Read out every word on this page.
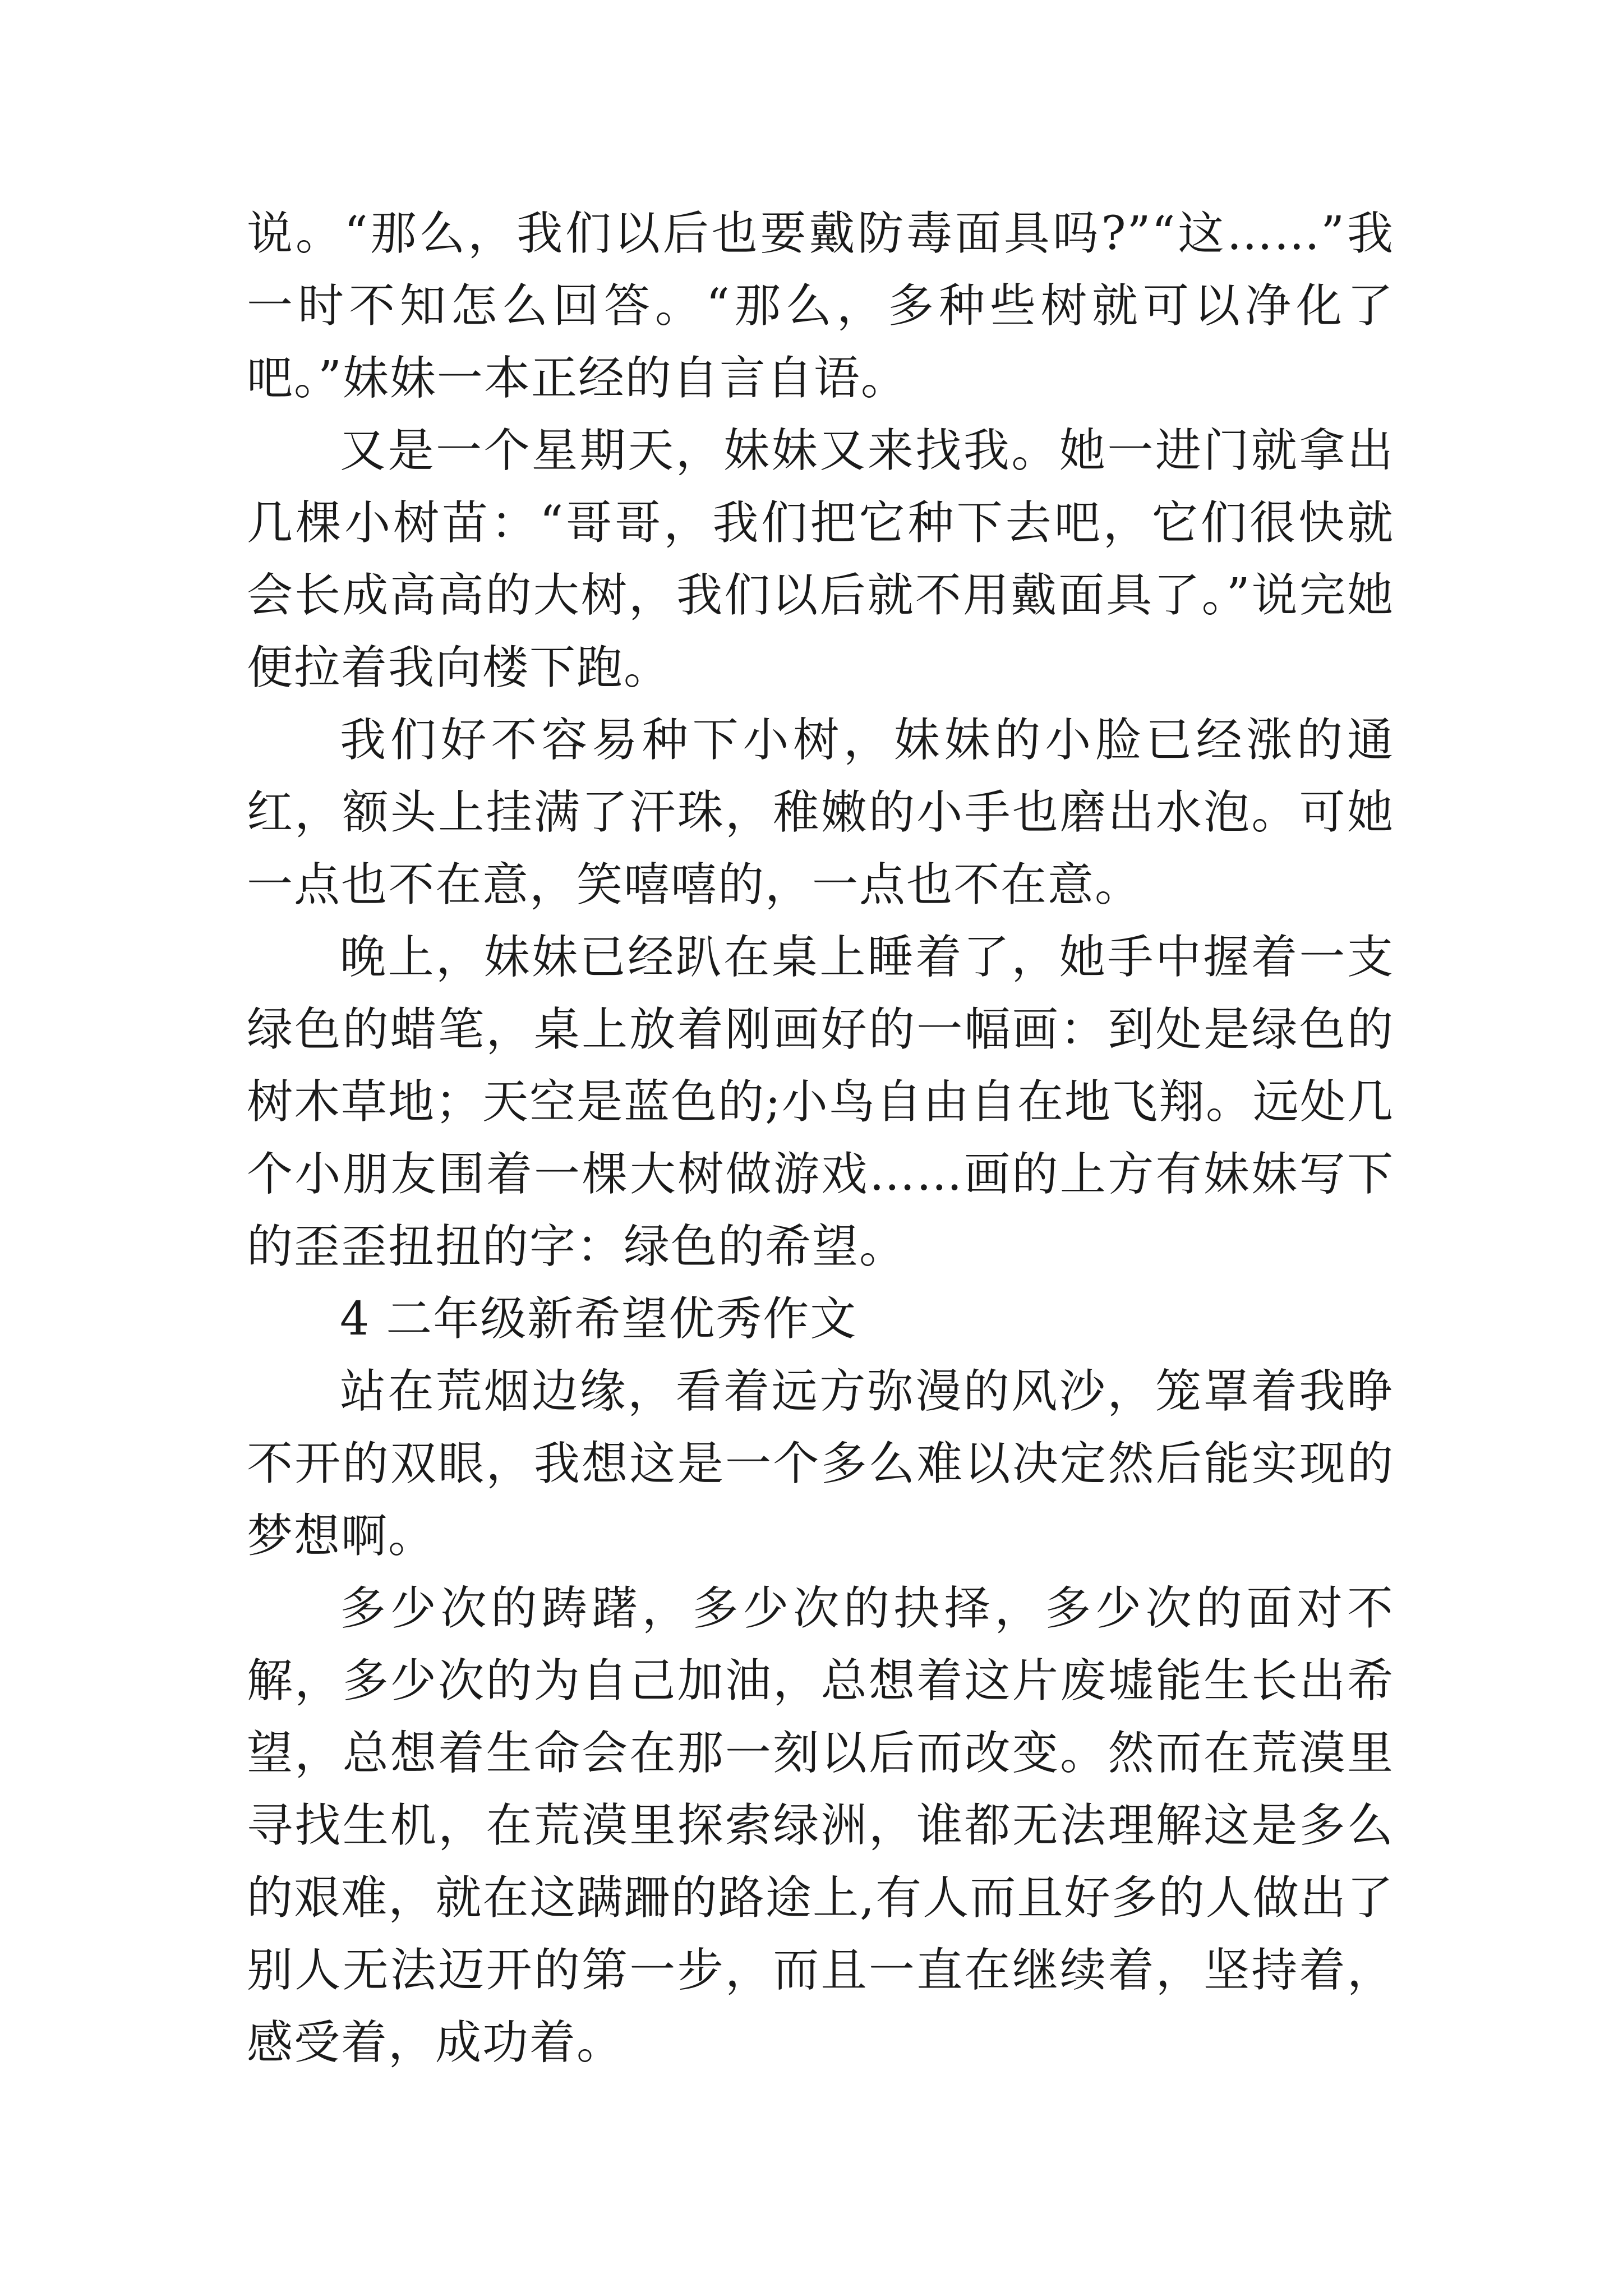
说。“那么，我们以后也要戴防毒面具吗?”“这……”我一时不知怎么回答。“那么，多种些树就可以净化了吧。”妹妹一本正经的自言自语。

又是一个星期天，妹妹又来找我。她一进门就拿出几棵小树苗：“哥哥，我们把它种下去吧，它们很快就会长成高高的大树，我们以后就不用戴面具了。”说完她便拉着我向楼下跑。

我们好不容易种下小树，妹妹的小脸已经涨的通红，额头上挂满了汗珠，稚嫩的小手也磨出水泡。可她一点也不在意，笑嘻嘻的，一点也不在意。

晚上，妹妹已经趴在桌上睡着了，她手中握着一支绿色的蜡笔，桌上放着刚画好的一幅画：到处是绿色的树木草地；天空是蓝色的;小鸟自由自在地飞翔。远处几个小朋友围着一棵大树做游戏……画的上方有妹妹写下的歪歪扭扭的字：绿色的希望。

4 二年级新希望优秀作文

站在荒烟边缘，看着远方弥漫的风沙，笼罩着我睁不开的双眼，我想这是一个多么难以决定然后能实现的梦想啊。

多少次的踌躇，多少次的抉择，多少次的面对不解，多少次的为自己加油，总想着这片废墟能生长出希望，总想着生命会在那一刻以后而改变。然而在荒漠里寻找生机，在荒漠里探索绿洲，谁都无法理解这是多么的艰难，就在这蹒跚的路途上,有人而且好多的人做出了别人无法迈开的第一步，而且一直在继续着，坚持着，感受着，成功着。
